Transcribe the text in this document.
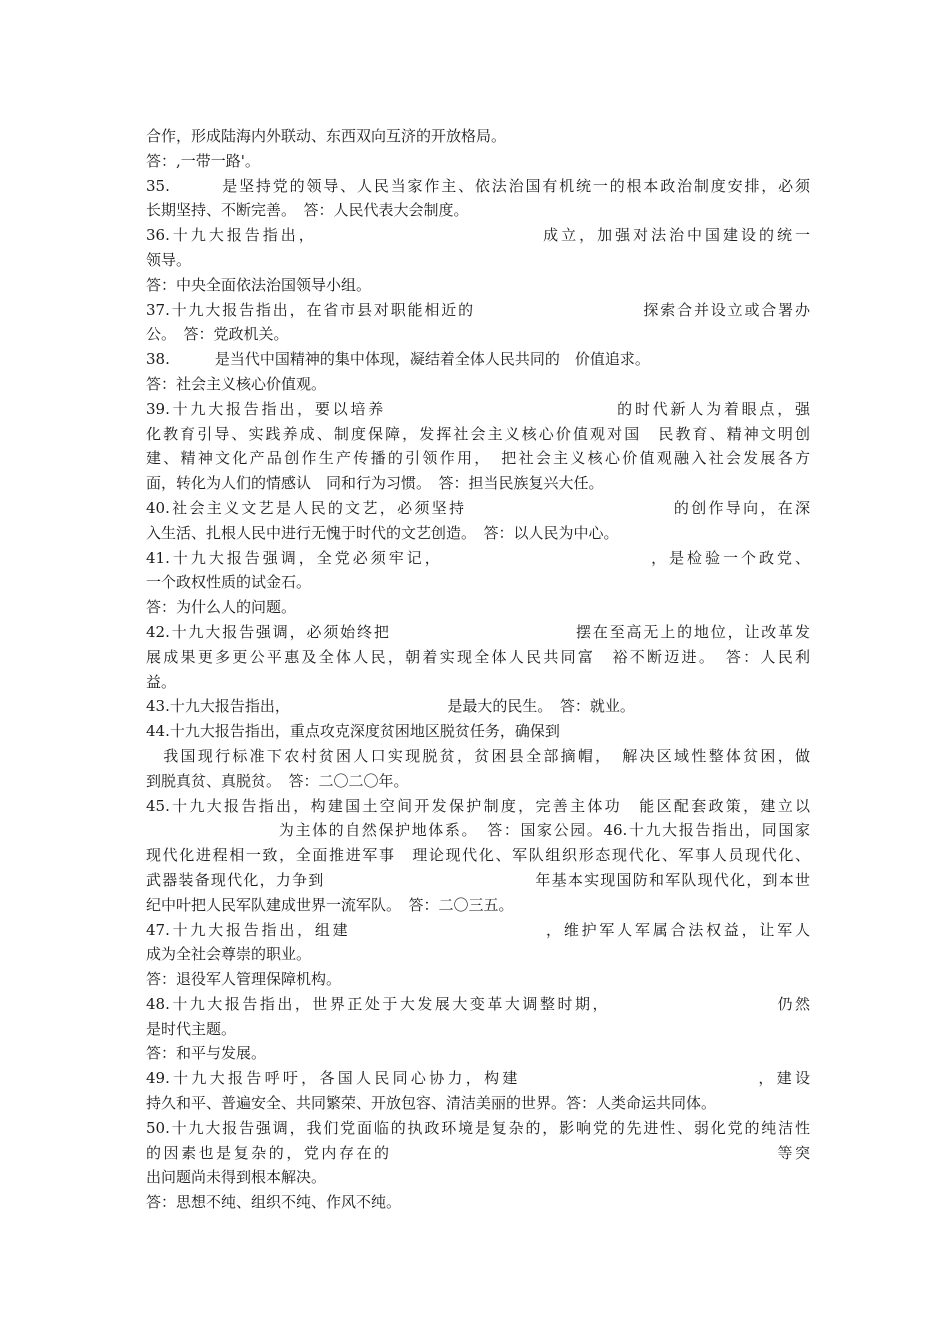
合作，形成陆海内外联动、东西双向互济的开放格局。
答：,一带一路'。
35.　　　是坚持党的领导、人民当家作主、依法治国有机统一的根本政治制度安排，必须
长期坚持、不断完善。　答：人民代表大会制度。
36.十九大报告指出，　　　　　　　　　　　　　成立，加强对法治中国建设的统一
领导。
答：中央全面依法治国领导小组。
37.十九大报告指出，在省市县对职能相近的　　　　　　　　　　探索合并设立或合署办
公。　答：党政机关。
38.　　　是当代中国精神的集中体现，凝结着全体人民共同的　价值追求。
答：社会主义核心价值观。
39.十九大报告指出，要以培养　　　　　　　　　　　　　的时代新人为着眼点，强
化教育引导、实践养成、制度保障，发挥社会主义核心价值观对国　民教育、精神文明创
建、精神文化产品创作生产传播的引领作用，　把社会主义核心价值观融入社会发展各方
面，转化为人们的情感认　同和行为习惯。　答：担当民族复兴大任。
40.社会主义文艺是人民的文艺，必须坚持　　　　　　　　　　　　的创作导向，在深
入生活、扎根人民中进行无愧于时代的文艺创造。　答：以人民为中心。
41.十九大报告强调，全党必须牢记，　　　　　　　　　　　　，是检验一个政党、
一个政权性质的试金石。
答：为什么人的问题。
42.十九大报告强调，必须始终把　　　　　　　　　　　摆在至高无上的地位，让改革发
展成果更多更公平惠及全体人民，朝着实现全体人民共同富　裕不断迈进。　答：人民利
益。
43.十九大报告指出，　　　　　　　　　　　是最大的民生。　答：就业。
44.十九大报告指出，重点攻克深度贫困地区脱贫任务，确保到
　我国现行标准下农村贫困人口实现脱贫，贫困县全部摘帽，　解决区域性整体贫困，做
到脱真贫、真脱贫。　答：二〇二〇年。
45.十九大报告指出，构建国土空间开发保护制度，完善主体功　能区配套政策，建立以
　　　　　　　　为主体的自然保护地体系。　答：国家公园。46.十九大报告指出，同国家
现代化进程相一致，全面推进军事　理论现代化、军队组织形态现代化、军事人员现代化、
武器装备现代化，力争到　　　　　　　　　　　　　年基本实现国防和军队现代化，到本世
纪中叶把人民军队建成世界一流军队。　答：二〇三五。
47.十九大报告指出，组建　　　　　　　　　　　，维护军人军属合法权益，让军人
成为全社会尊崇的职业。
答：退役军人管理保障机构。
48.十九大报告指出，世界正处于大发展大变革大调整时期，　　　　　　　　　　仍然
是时代主题。
答：和平与发展。
49.十九大报告呼吁，各国人民同心协力，构建　　　　　　　　　　　　　，建设
持久和平、普遍安全、共同繁荣、开放包容、清洁美丽的世界。答：人类命运共同体。
50.十九大报告强调，我们党面临的执政环境是复杂的，影响党的先进性、弱化党的纯洁性
的因素也是复杂的，党内存在的　　　　　　　　　　　　　　　　　　　　　　等突
出问题尚未得到根本解决。
答：思想不纯、组织不纯、作风不纯。
